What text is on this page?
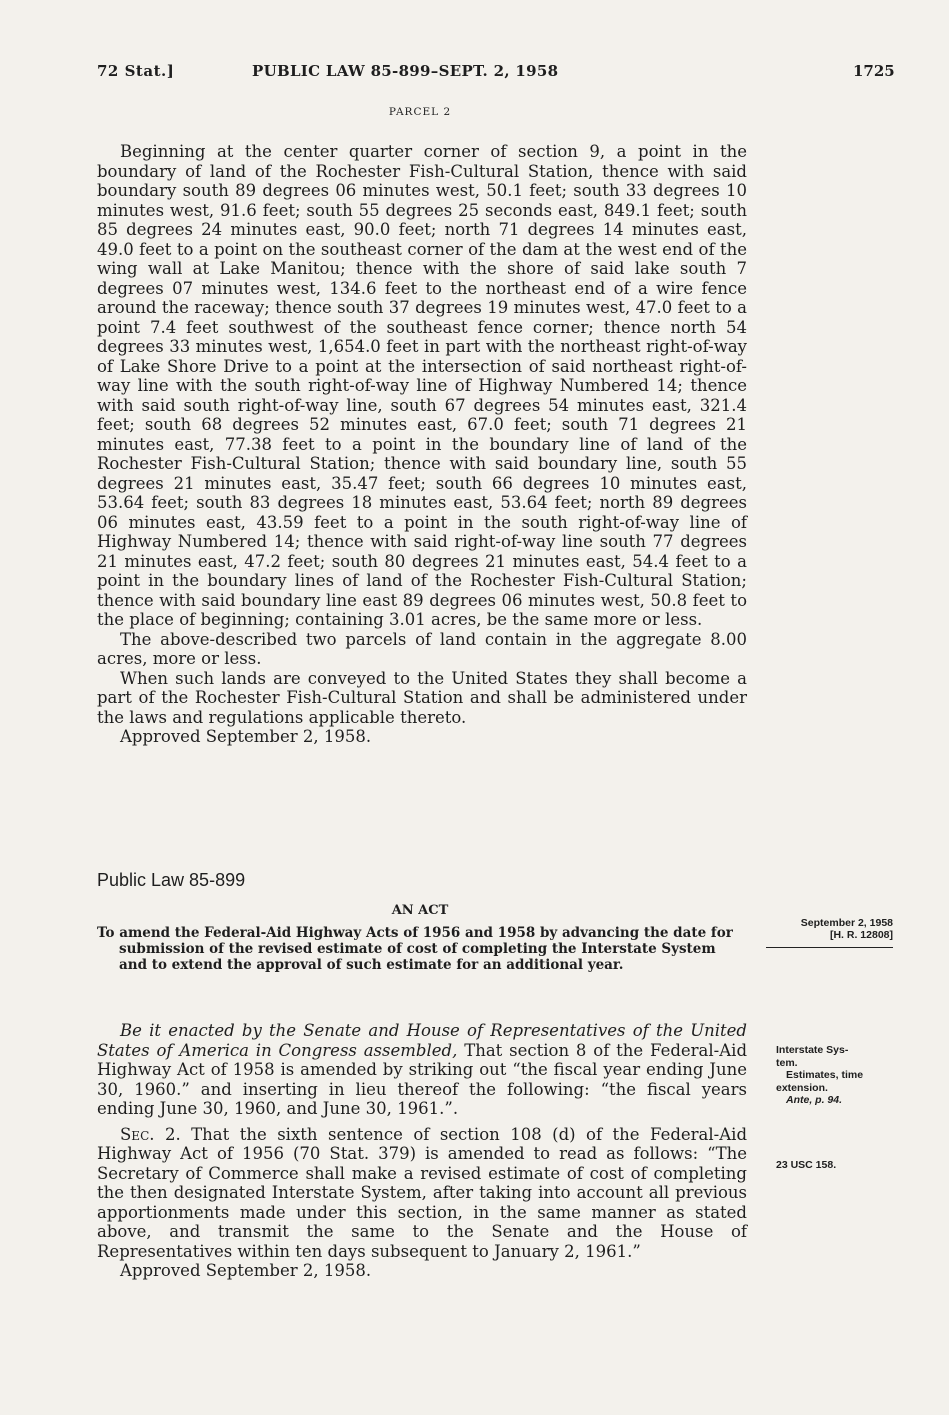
72 Stat.]	PUBLIC LAW 85-899–SEPT. 2, 1958	1725
PARCEL 2

Beginning at the center quarter corner of section 9, a point in the boundary of land of the Rochester Fish-Cultural Station, thence with said boundary south 89 degrees 06 minutes west, 50.1 feet; south 33 degrees 10 minutes west, 91.6 feet; south 55 degrees 25 seconds east, 849.1 feet; south 85 degrees 24 minutes east, 90.0 feet; north 71 degrees 14 minutes east, 49.0 feet to a point on the southeast corner of the dam at the west end of the wing wall at Lake Manitou; thence with the shore of said lake south 7 degrees 07 minutes west, 134.6 feet to the northeast end of a wire fence around the raceway; thence south 37 degrees 19 minutes west, 47.0 feet to a point 7.4 feet southwest of the southeast fence corner; thence north 54 degrees 33 minutes west, 1,654.0 feet in part with the northeast right-of-way of Lake Shore Drive to a point at the intersection of said northeast right-of-way line with the south right-of-way line of Highway Numbered 14; thence with said south right-of-way line, south 67 degrees 54 minutes east, 321.4 feet; south 68 degrees 52 minutes east, 67.0 feet; south 71 degrees 21 minutes east, 77.38 feet to a point in the boundary line of land of the Rochester Fish-Cultural Station; thence with said boundary line, south 55 degrees 21 minutes east, 35.47 feet; south 66 degrees 10 minutes east, 53.64 feet; south 83 degrees 18 minutes east, 53.64 feet; north 89 degrees 06 minutes east, 43.59 feet to a point in the south right-of-way line of Highway Numbered 14; thence with said right-of-way line south 77 degrees 21 minutes east, 47.2 feet; south 80 degrees 21 minutes east, 54.4 feet to a point in the boundary lines of land of the Rochester Fish-Cultural Station; thence with said boundary line east 89 degrees 06 minutes west, 50.8 feet to the place of beginning; containing 3.01 acres, be the same more or less.

The above-described two parcels of land contain in the aggregate 8.00 acres, more or less.

When such lands are conveyed to the United States they shall become a part of the Rochester Fish-Cultural Station and shall be administered under the laws and regulations applicable thereto.

Approved September 2, 1958.

Public Law 85-899
AN ACT
To amend the Federal-Aid Highway Acts of 1956 and 1958 by advancing the date for submission of the revised estimate of cost of completing the Interstate System and to extend the approval of such estimate for an additional year.
September 2, 1958
[H. R. 12808]

Be it enacted by the Senate and House of Representatives of the United States of America in Congress assembled, That section 8 of the Federal-Aid Highway Act of 1958 is amended by striking out “the fiscal year ending June 30, 1960.” and inserting in lieu thereof the following: “the fiscal years ending June 30, 1960, and June 30, 1961.”.

Sec. 2. That the sixth sentence of section 108 (d) of the Federal-Aid Highway Act of 1956 (70 Stat. 379) is amended to read as follows: “The Secretary of Commerce shall make a revised estimate of cost of completing the then designated Interstate System, after taking into account all previous apportionments made under this section, in the same manner as stated above, and transmit the same to the Senate and the House of Representatives within ten days subsequent to January 2, 1961.”

Approved September 2, 1958.

Interstate Sys-
tem.
Estimates, time
extension.
Ante, p. 94.
23 USC 158.
